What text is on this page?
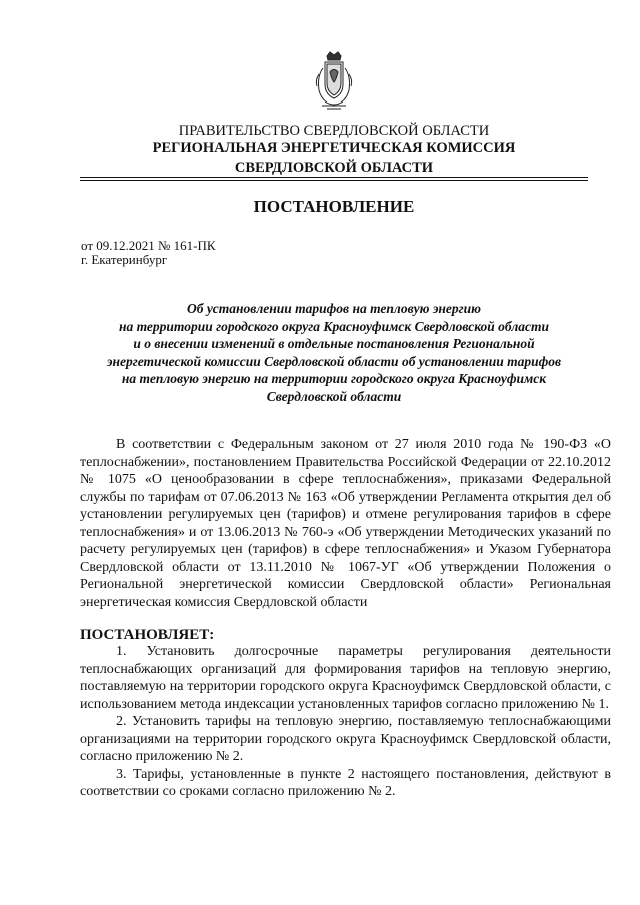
ПРАВИТЕЛЬСТВО СВЕРДЛОВСКОЙ ОБЛАСТИ
РЕГИОНАЛЬНАЯ ЭНЕРГЕТИЧЕСКАЯ КОМИССИЯ
СВЕРДЛОВСКОЙ ОБЛАСТИ
ПОСТАНОВЛЕНИЕ
от 09.12.2021 № 161-ПК
г. Екатеринбург
Об установлении тарифов на тепловую энергию
на территории городского округа Красноуфимск Свердловской области
и о внесении изменений в отдельные постановления Региональной
энергетической комиссии Свердловской области об установлении тарифов
на тепловую энергию на территории городского округа Красноуфимск
Свердловской области

В соответствии с Федеральным законом от 27 июля 2010 года № 190-ФЗ «О теплоснабжении», постановлением Правительства Российской Федерации от 22.10.2012 № 1075 «О ценообразовании в сфере теплоснабжения», приказами Федеральной службы по тарифам от 07.06.2013 № 163 «Об утверждении Регламента открытия дел об установлении регулируемых цен (тарифов) и отмене регулирования тарифов в сфере теплоснабжения» и от 13.06.2013 № 760-э «Об утверждении Методических указаний по расчету регулируемых цен (тарифов) в сфере теплоснабжения» и Указом Губернатора Свердловской области от 13.11.2010 № 1067-УГ «Об утверждении Положения о Региональной энергетической комиссии Свердловской области» Региональная энергетическая комиссия Свердловской области

ПОСТАНОВЛЯЕТ:

1. Установить долгосрочные параметры регулирования деятельности теплоснабжающих организаций для формирования тарифов на тепловую энергию, поставляемую на территории городского округа Красноуфимск Свердловской области, с использованием метода индексации установленных тарифов согласно приложению № 1.

2. Установить тарифы на тепловую энергию, поставляемую теплоснабжающими организациями на территории городского округа Красноуфимск Свердловской области, согласно приложению № 2.

3. Тарифы, установленные в пункте 2 настоящего постановления, действуют в соответствии со сроками согласно приложению № 2.
